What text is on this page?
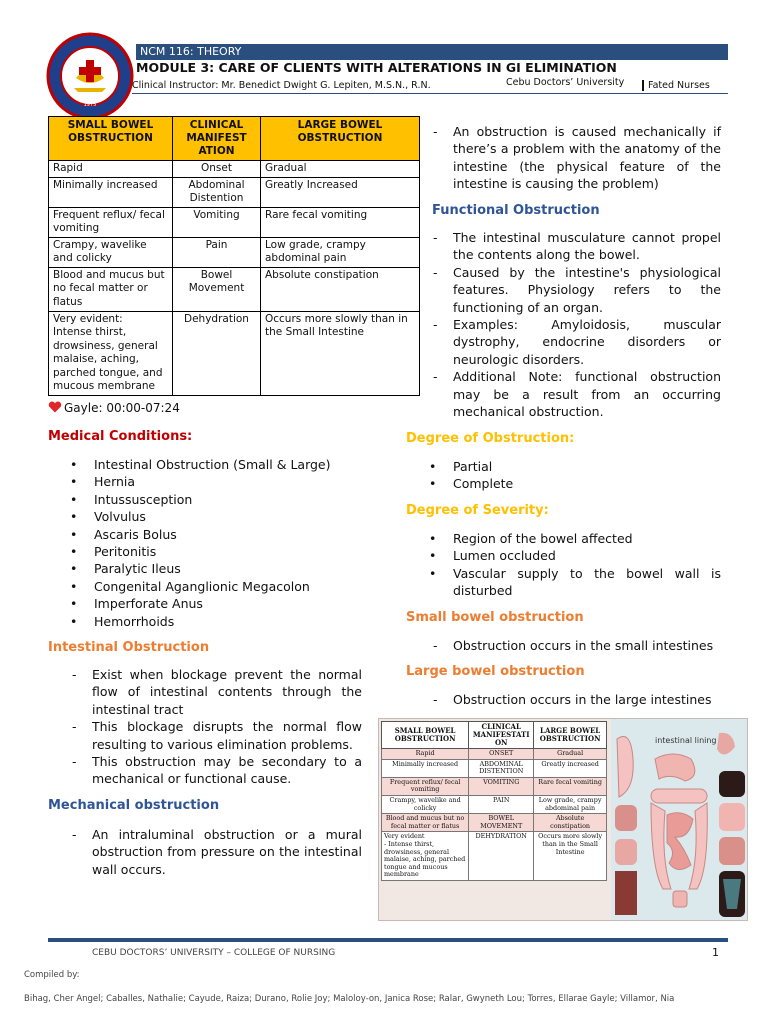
1975
NCM 116: THEORY
MODULE 3: CARE OF CLIENTS WITH ALTERATIONS IN GI ELIMINATION
Clinical Instructor: Mr. Benedict Dwight G. Lepiten, M.S.N., R.N.	Cebu Doctors’ University	Fated Nurses
SMALL BOWEL OBSTRUCTION	CLINICAL MANIFEST ATION	LARGE BOWEL OBSTRUCTION
Rapid	Onset	Gradual
Minimally increased	Abdominal Distention	Greatly Increased
Frequent reflux/ fecal vomiting	Vomiting	Rare fecal vomiting
Crampy, wavelike and colicky	Pain	Low grade, crampy abdominal pain
Blood and mucus but no fecal matter or flatus	Bowel Movement	Absolute constipation
Very evident:
Intense thirst, drowsiness, general malaise, aching, parched tongue, and mucous membrane	Dehydration	Occurs more slowly than in the Small Intestine
Gayle: 00:00-07:24
Medical Conditions:
• Intestinal Obstruction (Small & Large)
• Hernia
• Intussusception
• Volvulus
• Ascaris Bolus
• Peritonitis
• Paralytic Ileus
• Congenital Aganglionic Megacolon
• Imperforate Anus
• Hemorrhoids
Intestinal Obstruction
- Exist when blockage prevent the normal flow of intestinal contents through the intestinal tract
- This blockage disrupts the normal flow resulting to various elimination problems.
- This obstruction may be secondary to a mechanical or functional cause.
Mechanical obstruction
- An intraluminal obstruction or a mural obstruction from pressure on the intestinal wall occurs.
- An obstruction is caused mechanically if there’s a problem with the anatomy of the intestine (the physical feature of the intestine is causing the problem)
Functional Obstruction
- The intestinal musculature cannot propel the contents along the bowel.
- Caused by the intestine's physiological features. Physiology refers to the functioning of an organ.
- Examples: Amyloidosis, muscular dystrophy, endocrine disorders or neurologic disorders.
- Additional Note: functional obstruction may be a result from an occurring mechanical obstruction.
Degree of Obstruction:
• Partial
• Complete
Degree of Severity:
• Region of the bowel affected
• Lumen occluded
• Vascular supply to the bowel wall is disturbed
Small bowel obstruction
- Obstruction occurs in the small intestines
Large bowel obstruction
- Obstruction occurs in the large intestines
SMALL BOWEL OBSTRUCTION	CLINICAL MANIFESTATI ON	LARGE BOWEL OBSTRUCTION
Rapid	ONSET	Gradual
Minimally increased	ABDOMINAL DISTENTION	Greatly increased
Frequent reflux/ fecal vomiting	VOMITING	Rare fecal vomiting
Crampy, wavelike and colicky	PAIN	Low grade, crampy abdominal pain
Blood and mucus but no fecal matter or flatus	BOWEL MOVEMENT	Absolute constipation
Very evident
- Intense thirst, drowsiness, general malaise, aching, parched tongue and mucous membrane	DEHYDRATION	Occurs more slowly than in the Small Intestine
intestinal lining
CEBU DOCTORS’ UNIVERSITY – COLLEGE OF NURSING	1
Compiled by:
Bihag, Cher Angel; Caballes, Nathalie; Cayude, Raiza; Durano, Rolie Joy; Maloloy-on, Janica Rose; Ralar, Gwyneth Lou; Torres, Ellarae Gayle; Villamor, Nia
